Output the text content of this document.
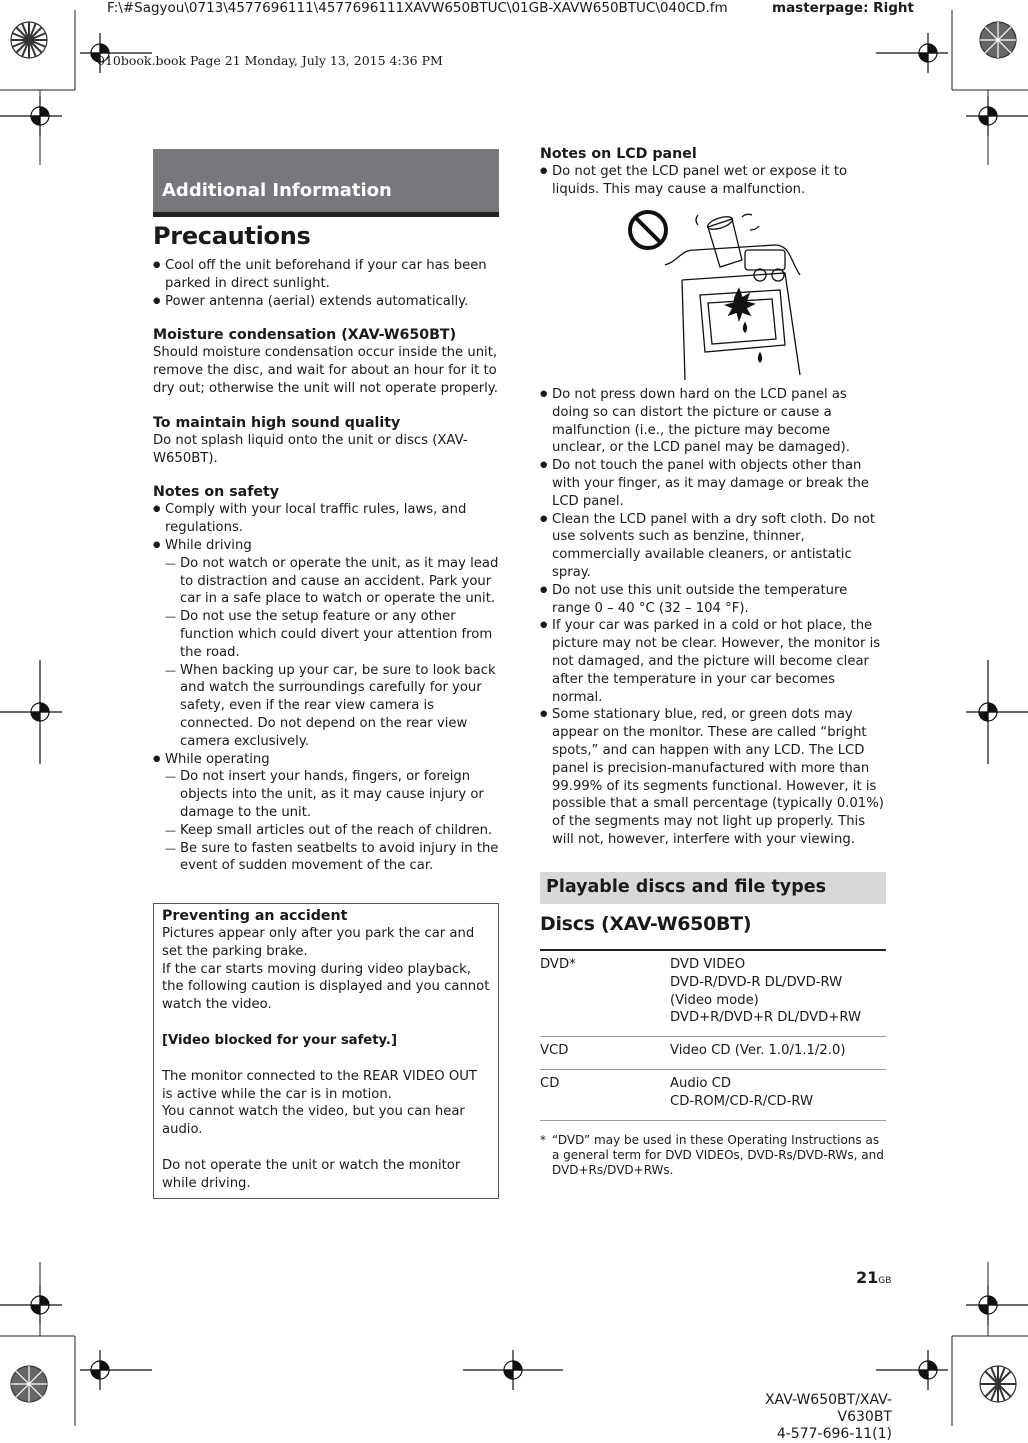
F:\#Sagyou\0713\4577696111\4577696111XAVW650BTUC\01GB-XAVW650BTUC\040CD.fm	masterpage: Right
010book.book Page 21 Monday, July 13, 2015 4:36 PM
Additional Information
Precautions
● Cool off the unit beforehand if your car has been parked in direct sunlight.
● Power antenna (aerial) extends automatically.
Moisture condensation (XAV-W650BT)
Should moisture condensation occur inside the unit, remove the disc, and wait for about an hour for it to dry out; otherwise the unit will not operate properly.
To maintain high sound quality
Do not splash liquid onto the unit or discs (XAV-W650BT).
Notes on safety
● Comply with your local traffic rules, laws, and regulations.
● While driving
— Do not watch or operate the unit, as it may lead to distraction and cause an accident. Park your car in a safe place to watch or operate the unit.
— Do not use the setup feature or any other function which could divert your attention from the road.
— When backing up your car, be sure to look back and watch the surroundings carefully for your safety, even if the rear view camera is connected. Do not depend on the rear view camera exclusively.
● While operating
— Do not insert your hands, fingers, or foreign objects into the unit, as it may cause injury or damage to the unit.
— Keep small articles out of the reach of children.
— Be sure to fasten seatbelts to avoid injury in the event of sudden movement of the car.
Preventing an accident
Pictures appear only after you park the car and set the parking brake.
If the car starts moving during video playback, the following caution is displayed and you cannot watch the video.
[Video blocked for your safety.]
The monitor connected to the REAR VIDEO OUT is active while the car is in motion.
You cannot watch the video, but you can hear audio.
Do not operate the unit or watch the monitor while driving.
Notes on LCD panel
● Do not get the LCD panel wet or expose it to liquids. This may cause a malfunction.
● Do not press down hard on the LCD panel as doing so can distort the picture or cause a malfunction (i.e., the picture may become unclear, or the LCD panel may be damaged).
● Do not touch the panel with objects other than with your finger, as it may damage or break the LCD panel.
● Clean the LCD panel with a dry soft cloth. Do not use solvents such as benzine, thinner, commercially available cleaners, or antistatic spray.
● Do not use this unit outside the temperature range 0 – 40 °C (32 – 104 °F).
● If your car was parked in a cold or hot place, the picture may not be clear. However, the monitor is not damaged, and the picture will become clear after the temperature in your car becomes normal.
● Some stationary blue, red, or green dots may appear on the monitor. These are called “bright spots,” and can happen with any LCD. The LCD panel is precision-manufactured with more than 99.99% of its segments functional. However, it is possible that a small percentage (typically 0.01%) of the segments may not light up properly. This will not, however, interfere with your viewing.
Playable discs and file types
Discs (XAV-W650BT)
DVD*	DVD VIDEO
DVD-R/DVD-R DL/DVD-RW
(Video mode)
DVD+R/DVD+R DL/DVD+RW

VCD	Video CD (Ver. 1.0/1.1/2.0)

CD	Audio CD
CD-ROM/CD-R/CD-RW
* “DVD” may be used in these Operating Instructions as a general term for DVD VIDEOs, DVD-Rs/DVD-RWs, and DVD+Rs/DVD+RWs.
21GB
XAV-W650BT/XAV-V630BT
4-577-696-11(1)
